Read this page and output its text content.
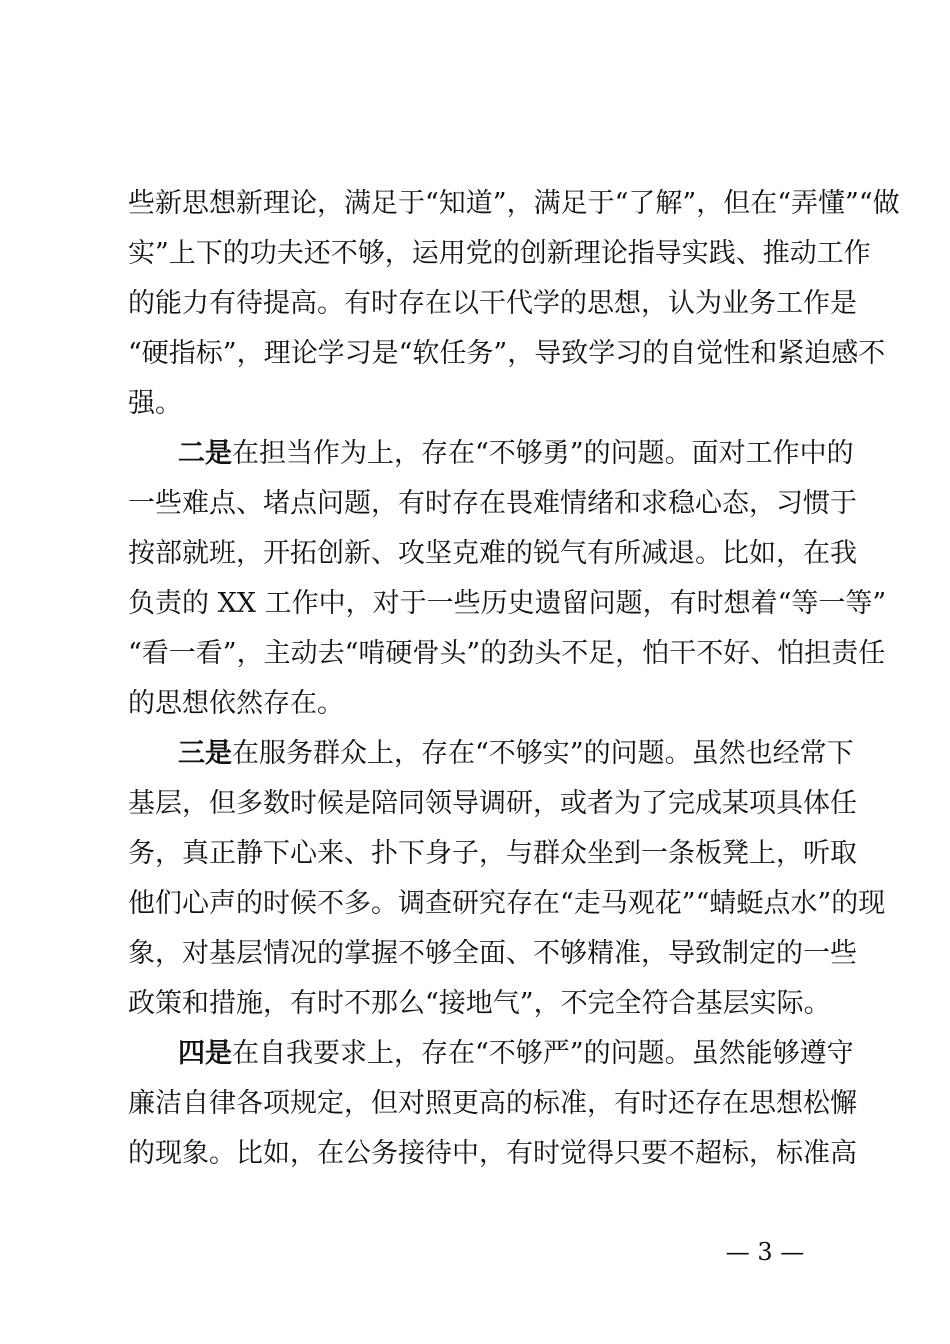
些新思想新理论，满足于“知道”，满足于“了解”，但在“弄懂”“做
实”上下的功夫还不够，运用党的创新理论指导实践、推动工作
的能力有待提高。有时存在以干代学的思想，认为业务工作是
“硬指标”，理论学习是“软任务”，导致学习的自觉性和紧迫感不
强。
二是在担当作为上，存在“不够勇”的问题。面对工作中的
一些难点、堵点问题，有时存在畏难情绪和求稳心态，习惯于
按部就班，开拓创新、攻坚克难的锐气有所减退。比如，在我
负责的 XX 工作中，对于一些历史遗留问题，有时想着“等一等”
“看一看”，主动去“啃硬骨头”的劲头不足，怕干不好、怕担责任
的思想依然存在。
三是在服务群众上，存在“不够实”的问题。虽然也经常下
基层，但多数时候是陪同领导调研，或者为了完成某项具体任
务，真正静下心来、扑下身子，与群众坐到一条板凳上，听取
他们心声的时候不多。调查研究存在“走马观花”“蜻蜓点水”的现
象，对基层情况的掌握不够全面、不够精准，导致制定的一些
政策和措施，有时不那么“接地气”，不完全符合基层实际。
四是在自我要求上，存在“不够严”的问题。虽然能够遵守
廉洁自律各项规定，但对照更高的标准，有时还存在思想松懈
的现象。比如，在公务接待中，有时觉得只要不超标，标准高
— 3 —
